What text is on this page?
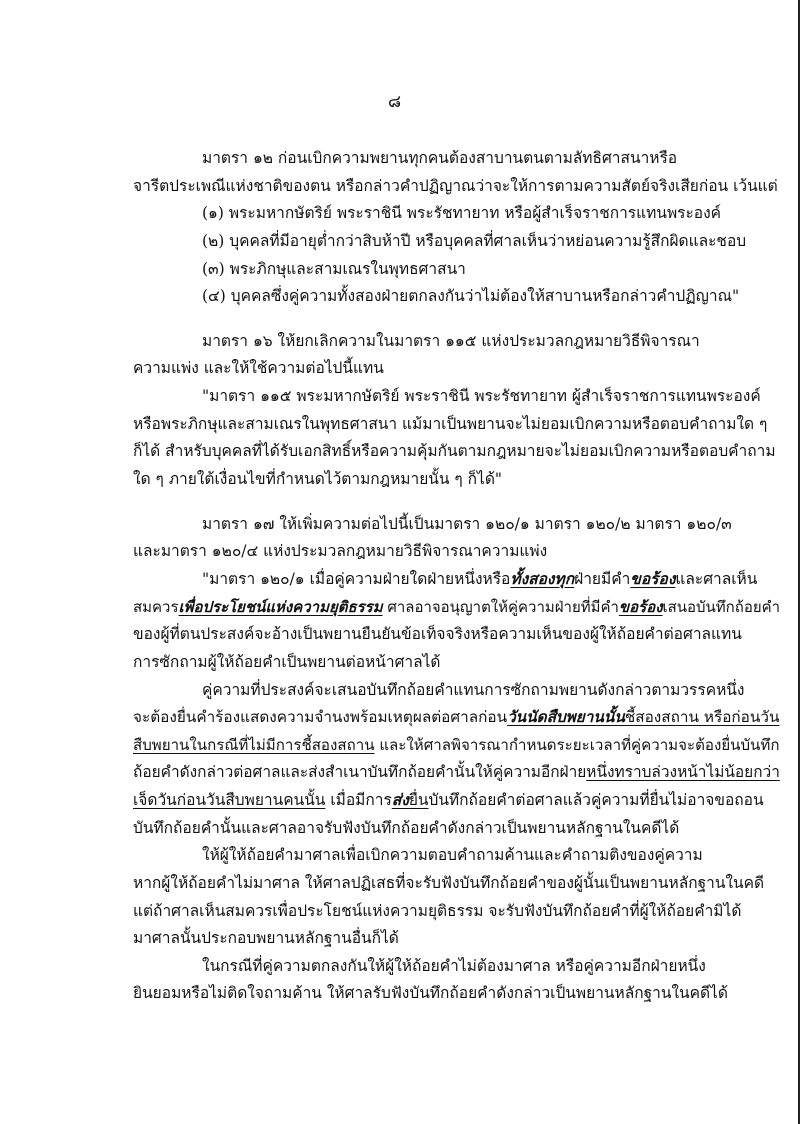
๘
มาตรา ๑๒ ก่อนเบิกความพยานทุกคนต้องสาบานตนตามลัทธิศาสนาหรือ
จารีตประเพณีแห่งชาติของตน หรือกล่าวคำปฏิญาณว่าจะให้การตามความสัตย์จริงเสียก่อน เว้นแต่
(๑) พระมหากษัตริย์ พระราชินี พระรัชทายาท หรือผู้สำเร็จราชการแทนพระองค์
(๒) บุคคลที่มีอายุต่ำกว่าสิบห้าปี หรือบุคคลที่ศาลเห็นว่าหย่อนความรู้สึกผิดและชอบ
(๓) พระภิกษุและสามเณรในพุทธศาสนา
(๔) บุคคลซึ่งคู่ความทั้งสองฝ่ายตกลงกันว่าไม่ต้องให้สาบานหรือกล่าวคำปฏิญาณ"
มาตรา ๑๖ ให้ยกเลิกความในมาตรา ๑๑๕ แห่งประมวลกฎหมายวิธีพิจารณา
ความแพ่ง และให้ใช้ความต่อไปนี้แทน
"มาตรา ๑๑๕ พระมหากษัตริย์ พระราชินี พระรัชทายาท ผู้สำเร็จราชการแทนพระองค์
หรือพระภิกษุและสามเณรในพุทธศาสนา แม้มาเป็นพยานจะไม่ยอมเบิกความหรือตอบคำถามใด ๆ
ก็ได้ สำหรับบุคคลที่ได้รับเอกสิทธิ์หรือความคุ้มกันตามกฎหมายจะไม่ยอมเบิกความหรือตอบคำถาม
ใด ๆ ภายใต้เงื่อนไขที่กำหนดไว้ตามกฎหมายนั้น ๆ ก็ได้"
มาตรา ๑๗ ให้เพิ่มความต่อไปนี้เป็นมาตรา ๑๒๐/๑ มาตรา ๑๒๐/๒ มาตรา ๑๒๐/๓
และมาตรา ๑๒๐/๔ แห่งประมวลกฎหมายวิธีพิจารณาความแพ่ง
"มาตรา ๑๒๐/๑ เมื่อคู่ความฝ่ายใดฝ่ายหนึ่งหรือทั้งสองทุกฝ่ายมีคำขอร้องและศาลเห็น
สมควรเพื่อประโยชน์แห่งความยุติธรรม ศาลอาจอนุญาตให้คู่ความฝ่ายที่มีคำขอร้องเสนอบันทึกถ้อยคำ
ของผู้ที่ตนประสงค์จะอ้างเป็นพยานยืนยันข้อเท็จจริงหรือความเห็นของผู้ให้ถ้อยคำต่อศาลแทน
การซักถามผู้ให้ถ้อยคำเป็นพยานต่อหน้าศาลได้
คู่ความที่ประสงค์จะเสนอบันทึกถ้อยคำแทนการซักถามพยานดังกล่าวตามวรรคหนึ่ง
จะต้องยื่นคำร้องแสดงความจำนงพร้อมเหตุผลต่อศาลก่อนวันนัดสืบพยานนั้นชี้สองสถาน หรือก่อนวัน
สืบพยานในกรณีที่ไม่มีการชี้สองสถาน และให้ศาลพิจารณากำหนดระยะเวลาที่คู่ความจะต้องยื่นบันทึก
ถ้อยคำดังกล่าวต่อศาลและส่งสำเนาบันทึกถ้อยคำนั้นให้คู่ความอีกฝ่ายหนึ่งทราบล่วงหน้าไม่น้อยกว่า
เจ็ดวันก่อนวันสืบพยานคนนั้น เมื่อมีการส่งยื่นบันทึกถ้อยคำต่อศาลแล้วคู่ความที่ยื่นไม่อาจขอถอน
บันทึกถ้อยคำนั้นและศาลอาจรับฟังบันทึกถ้อยคำดังกล่าวเป็นพยานหลักฐานในคดีได้
ให้ผู้ให้ถ้อยคำมาศาลเพื่อเบิกความตอบคำถามค้านและคำถามติงของคู่ความ
หากผู้ให้ถ้อยคำไม่มาศาล ให้ศาลปฏิเสธที่จะรับฟังบันทึกถ้อยคำของผู้นั้นเป็นพยานหลักฐานในคดี
แต่ถ้าศาลเห็นสมควรเพื่อประโยชน์แห่งความยุติธรรม จะรับฟังบันทึกถ้อยคำที่ผู้ให้ถ้อยคำมิได้
มาศาลนั้นประกอบพยานหลักฐานอื่นก็ได้
ในกรณีที่คู่ความตกลงกันให้ผู้ให้ถ้อยคำไม่ต้องมาศาล หรือคู่ความอีกฝ่ายหนึ่ง
ยินยอมหรือไม่ติดใจถามค้าน ให้ศาลรับฟังบันทึกถ้อยคำดังกล่าวเป็นพยานหลักฐานในคดีได้
